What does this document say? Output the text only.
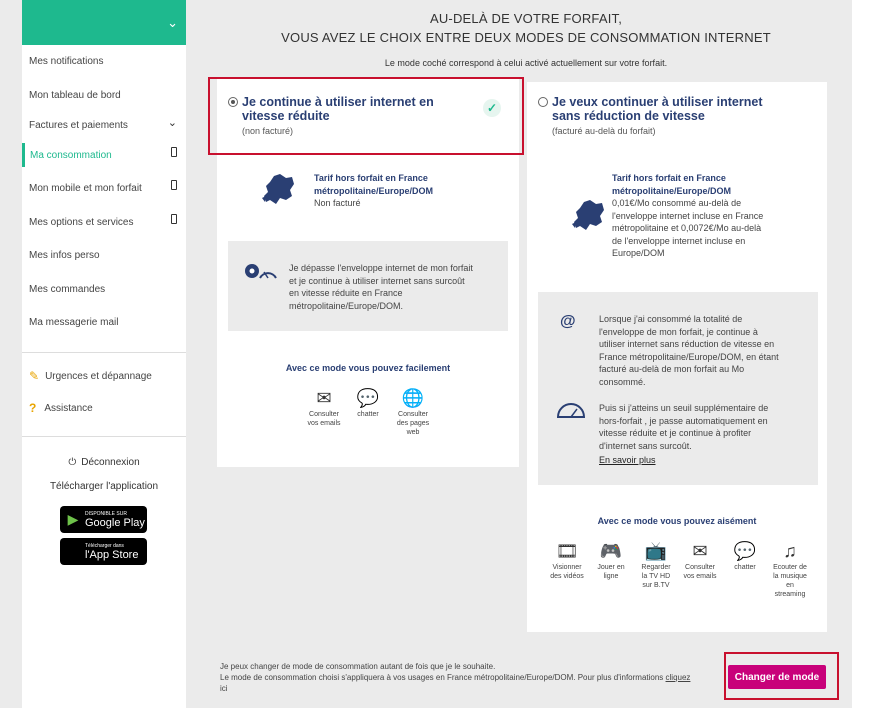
⌄
Mes notifications
Mon tableau de bord
Factures et paiements	⌄
Ma consommation
Mon mobile et mon forfait
Mes options et services
Mes infos perso
Mes commandes
Ma messagerie mail
✎ Urgences et dépannage
? Assistance
⏻ Déconnexion
Télécharger l'application
▶	DISPONIBLE SUR
Google Play
Télécharger dans
l'App Store
AU-DELÀ DE VOTRE FORFAIT,
VOUS AVEZ LE CHOIX ENTRE DEUX MODES DE CONSOMMATION INTERNET
Le mode coché correspond à celui activé actuellement sur votre forfait.
Je continue à utiliser internet en
vitesse réduite
(non facturé)
✓
Tarif hors forfait en France
métropolitaine/Europe/DOM
Non facturé
Je dépasse l'enveloppe internet de mon forfait
et je continue à utiliser internet sans surcoût
en vitesse réduite en France
métropolitaine/Europe/DOM.
Avec ce mode vous pouvez facilement
✉
Consulter
vos emails
💬
chatter
🌐
Consulter
des pages
web
Je veux continuer à utiliser internet
sans réduction de vitesse
(facturé au-delà du forfait)
Tarif hors forfait en France
métropolitaine/Europe/DOM
0,01€/Mo consommé au-delà de
l'enveloppe internet incluse en France
métropolitaine et 0,0072€/Mo au-delà
de l'enveloppe internet incluse en
Europe/DOM
@	Lorsque j'ai consommé la totalité de
l'enveloppe de mon forfait, je continue à
utiliser internet sans réduction de vitesse en
France métropolitaine/Europe/DOM, en étant
facturé au-delà de mon forfait au Mo
consommé.
Puis si j'atteins un seuil supplémentaire de
hors-forfait , je passe automatiquement en
vitesse réduite et je continue à profiter
d'internet sans surcoût.
En savoir plus
Avec ce mode vous pouvez aisément
🎞
Visionner
des vidéos
🎮
Jouer en
ligne
📺
Regarder
la TV HD
sur B.TV
✉
Consulter
vos emails
💬
chatter
♫
Ecouter de
la musique
en
streaming
Je peux changer de mode de consommation autant de fois que je le souhaite.
Le mode de consommation choisi s'appliquera à vos usages en France métropolitaine/Europe/DOM. Pour plus d'informations cliquez
ici
Changer de mode
